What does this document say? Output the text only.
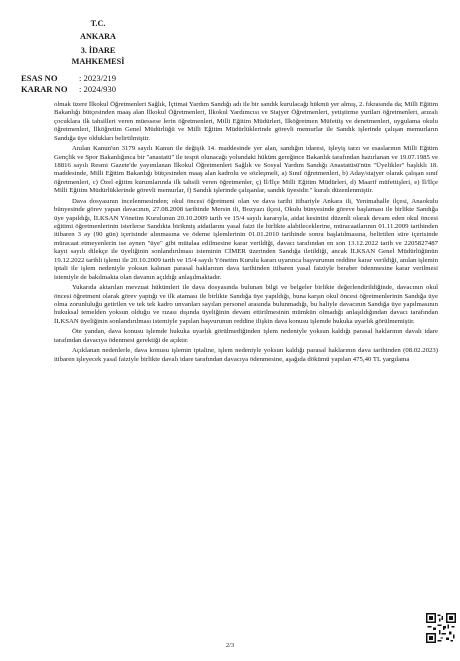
T.C.
ANKARA
3. İDARE MAHKEMESİ
ESAS NO : 2023/219
KARAR NO : 2024/930

olmak üzere İlkokul Öğretmenleri Sağlık, İçtimai Yardım Sandığı adı ile bir sandık kurulacağı hükmü yer almış, 2. fıkrasında da; Milli Eğitim Bakanlığı bütçesinden maaş alan İlkokul Öğretmenleri, İlkokul Yardımcısı ve Stajyer Öğretmenleri, yetiştirme yurtları öğretmenleri, arızalı çocuklara ilk tahsilleri veren müessese lerin öğretmenleri, Milli Eğitim Müdürleri, İlköğretmen Müfettiş ve denetmenleri, uygulama okulu öğretmenleri, İlköğretim Genel Müdürlüğü ve Milli Eğitim Müdürlüklerinde görevli memurlar ile Sandık işlerinde çalışan memurların Sandığa üye oldukları belirtilmiştir.

Anılan Kanun'un 3179 sayılı Kanun ile değişik 14. maddesinde yer alan, sandığın idaresi, işleyiş tarzı ve esaslarının Milli Eğitim Gençlik ve Spor Bakanlığınca bir "anastatü" ile tespit olunacağı yolundaki hüküm gereğince Bakanlık tarafından hazırlanan ve 19.07.1985 ve 18816 sayılı Resmi Gazete'de yayımlanan İlkokul Öğretmenleri Sağlık ve Sosyal Yardım Sandığı Anastatüsü'nün "Üyelikler" başlıklı 18. maddesinde, Milli Eğitim Bakanlığı bütçesinden maaş alan kadrolu ve sözleşmeli, a) Sınıf öğretmenleri, b) Aday/stajyer olarak çalışan sınıf öğretmenleri, c) Özel eğitim kurumlarında ilk tahsili veren öğretmenler, ç) İl/İlçe Milli Eğitim Müdürleri, d) Maarif müfettişleri, e) İl/İlçe Milli Eğitim Müdürlüklerinde görevli memurlar, f) Sandık işlerinde çalışanlar, sandık üyesidir." kuralı düzenlenmiştir.

Dava dosyasının incelenmesinden; okul öncesi öğretmeni olan ve dava tarihi itibariyle Ankara ili, Yenimahalle ilçesi, Anaokulu bünyesinde görev yapan davacının, 27.08.2008 tarihinde Mersin ili, Bozyazı ilçesi, Okulu bünyesinde göreve başlaması ile birlikte Sandığa üye yapıldığı, İLKSAN Yönetim Kurulunun 20.10.2009 tarih ve 15/4 sayılı kararıyla, aidat kesintisi düzenli olarak devam eden okul öncesi eğitimi öğretmenlerinin isterlerse Sandıkta birikmiş aidatlarını yasal faizi ile birlikte alabileceklerine, müracaatlarının 01.11.2009 tarihinden itibaren 3 ay (90 gün) içerisinde alınmasına ve ödeme işlemlerinin 01.01.2010 tarihinde sonra başlatılmasına, belirtilen süre içerisinde müracaat etmeyenlerin ise aynen "üye" gibi mütalaa edilmesine karar verildiği, davacı tarafından en son 13.12.2022 tarih ve 2205827487 kayıt sayılı dilekçe ile üyeliğinin sonlandırılması isteminin CİMER üzerinden Sandığa iletildiği, ancak İLKSAN Genel Müdürlüğünün 19.12.2022 tarihli işlemi ile 20.10.2009 tarih ve 15/4 sayılı Yönetim Kurulu kararı uyarınca başvurunun reddine karar verildiği, anılan işlemin iptali ile işlem nedeniyle yoksun kalınan parasal haklarının dava tarihinden itibaren yasal faiziyle beraber ödenmesine karar verilmesi istemiyle de bakılmakta olan davanın açıldığı anlaşılmaktadır.

Yukarıda aktarılan mevzuat hükümleri ile dava dosyasında bulunan bilgi ve belgeler birlikte değerlendirildiğinde, davacının okul öncesi öğretmeni olarak görev yaptığı ve ilk ataması ile birlikte Sandığa üye yapıldığı, buna karşın okul öncesi öğretmenlerinin Sandığa üye olma zorunluluğu getirilen ve tek tek kadro unvanları sayılan personel arasında bulunmadığı, bu haliyle davacının Sandığa üye yapılmasının hukuksal temelden yoksun olduğu ve rızası dışında üyeliğinin devam ettirilmesinin mümkün olmadığı anlaşıldığından davacı tarafından İLKSAN üyeliğinin sonlandırılması istemiyle yapılan başvurunun reddine ilişkin dava konusu işlemde hukuka uyarlık görülmemiştir.

Öte yandan, dava konusu işlemde hukuka uyarlık görülmediğinden işlem nedeniyle yoksun kaldığı parasal haklarının davalı idare tarafından davacıya ödenmesi gerektiği de açıktır.

Açıklanan nedenlerle, dava konusu işlemin iptaline, işlem nedeniyle yoksun kaldığı parasal haklarının dava tarihinden (08.02.2023) itibaren işleyecek yasal faiziyle birlikte davalı idare tarafından davacıya ödenmesine, aşağıda dökümü yapılan 475,40 TL yargılama

2/3
